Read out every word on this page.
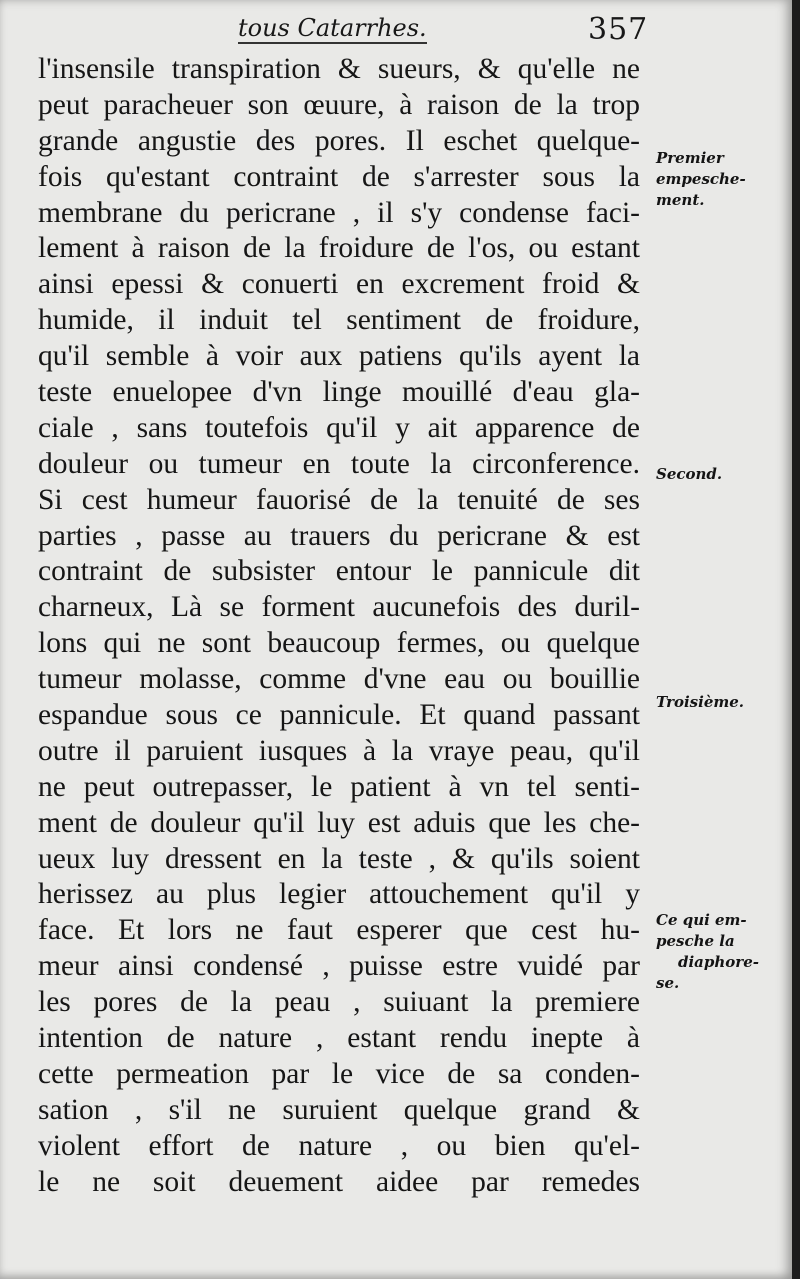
tous Catarrhes.	357
l'insensile transpiration & sueurs, & qu'elle ne
peut paracheuer son œuure, à raison de la trop
grande angustie des pores. Il eschet quelque-
fois qu'estant contraint de s'arrester sous la
membrane du pericrane , il s'y condense faci-
lement à raison de la froidure de l'os, ou estant
ainsi epessi & conuerti en excrement froid &
humide, il induit tel sentiment de froidure,
qu'il semble à voir aux patiens qu'ils ayent la
teste enuelopee d'vn linge mouillé d'eau gla-
ciale , sans toutefois qu'il y ait apparence de
douleur ou tumeur en toute la circonference.
Si cest humeur fauorisé de la tenuité de ses
parties , passe au trauers du pericrane & est
contraint de subsister entour le pannicule dit
charneux, Là se forment aucunefois des duril-
lons qui ne sont beaucoup fermes, ou quelque
tumeur molasse, comme d'vne eau ou bouillie
espandue sous ce pannicule. Et quand passant
outre il paruient iusques à la vraye peau, qu'il
ne peut outrepasser, le patient à vn tel senti-
ment de douleur qu'il luy est aduis que les che-
ueux luy dressent en la teste , & qu'ils soient
herissez au plus legier attouchement qu'il y
face. Et lors ne faut esperer que cest hu-
meur ainsi condensé , puisse estre vuidé par
les pores de la peau , suiuant la premiere
intention de nature , estant rendu inepte à
cette permeation par le vice de sa conden-
sation , s'il ne suruient quelque grand &
violent effort de nature , ou bien qu'el-
le ne soit deuement aidee par remedes
Premier
empesche-
ment.
Second.
Troisième.
Ce qui em-
pesche la
diaphore-
se.
